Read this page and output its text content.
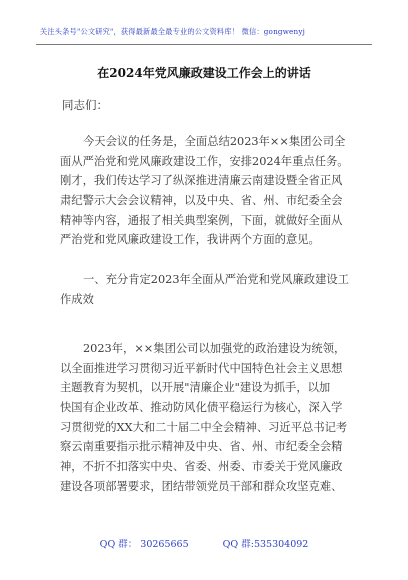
关注头条号"公文研究"，获得最新最全最专业的公文资料库！ 微信：gongwenyj
在2024年党风廉政建设工作会上的讲话
同志们：
今天会议的任务是，全面总结2023年××集团公司全
面从严治党和党风廉政建设工作，安排2024年重点任务。
刚才，我们传达学习了纵深推进清廉云南建设暨全省正风
肃纪警示大会会议精神，以及中央、省、州、市纪委全会
精神等内容，通报了相关典型案例，下面，就做好全面从
严治党和党风廉政建设工作，我讲两个方面的意见。
一、充分肯定2023年全面从严治党和党风廉政建设工
作成效
2023年，××集团公司以加强党的政治建设为统领，
以全面推进学习贯彻习近平新时代中国特色社会主义思想
主题教育为契机，以开展"清廉企业"建设为抓手，以加
快国有企业改革、推动防风化债平稳运行为核心，深入学
习贯彻党的XX大和二十届二中全会精神、习近平总书记考
察云南重要指示批示精神及中央、省、州、市纪委全会精
神，不折不扣落实中央、省委、州委、市委关于党风廉政
建设各项部署要求，团结带领党员干部和群众攻坚克难、
QQ 群： 30265665	QQ 群:535304092
